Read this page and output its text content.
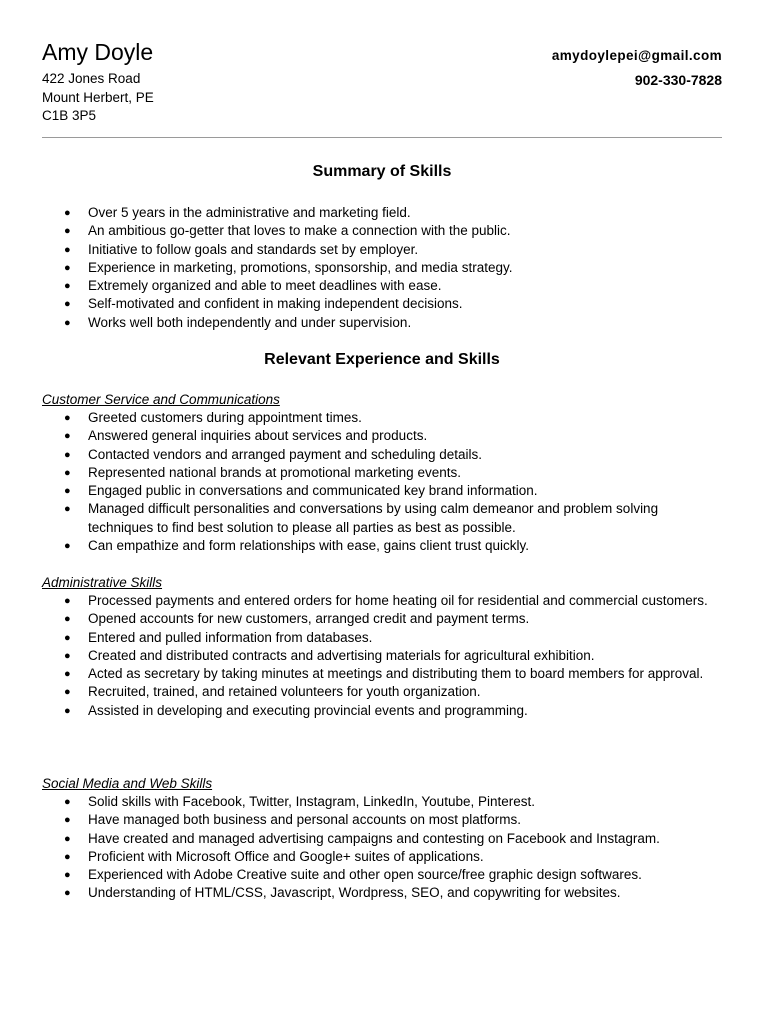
Amy Doyle
422 Jones Road
Mount Herbert, PE
C1B 3P5
amydoylepei@gmail.com
902-330-7828
Summary of Skills
● Over 5 years in the administrative and marketing field.
● An ambitious go-getter that loves to make a connection with the public.
● Initiative to follow goals and standards set by employer.
● Experience in marketing, promotions, sponsorship, and media strategy.
● Extremely organized and able to meet deadlines with ease.
● Self-motivated and confident in making independent decisions.
● Works well both independently and under supervision.
Relevant Experience and Skills
Customer Service and Communications
● Greeted customers during appointment times.
● Answered general inquiries about services and products.
● Contacted vendors and arranged payment and scheduling details.
● Represented national brands at promotional marketing events.
● Engaged public in conversations and communicated key brand information.
● Managed difficult personalities and conversations by using calm demeanor and problem solving techniques to find best solution to please all parties as best as possible.
● Can empathize and form relationships with ease, gains client trust quickly.
Administrative Skills
● Processed payments and entered orders for home heating oil for residential and commercial customers.
● Opened accounts for new customers, arranged credit and payment terms.
● Entered and pulled information from databases.
● Created and distributed contracts and advertising materials for agricultural exhibition.
● Acted as secretary by taking minutes at meetings and distributing them to board members for approval.
● Recruited, trained, and retained volunteers for youth organization.
● Assisted in developing and executing provincial events and programming.
Social Media and Web Skills
● Solid skills with Facebook, Twitter, Instagram, LinkedIn, Youtube, Pinterest.
● Have managed both business and personal accounts on most platforms.
● Have created and managed advertising campaigns and contesting on Facebook and Instagram.
● Proficient with Microsoft Office and Google+ suites of applications.
● Experienced with Adobe Creative suite and other open source/free graphic design softwares.
● Understanding of HTML/CSS, Javascript, Wordpress, SEO, and copywriting for websites.
